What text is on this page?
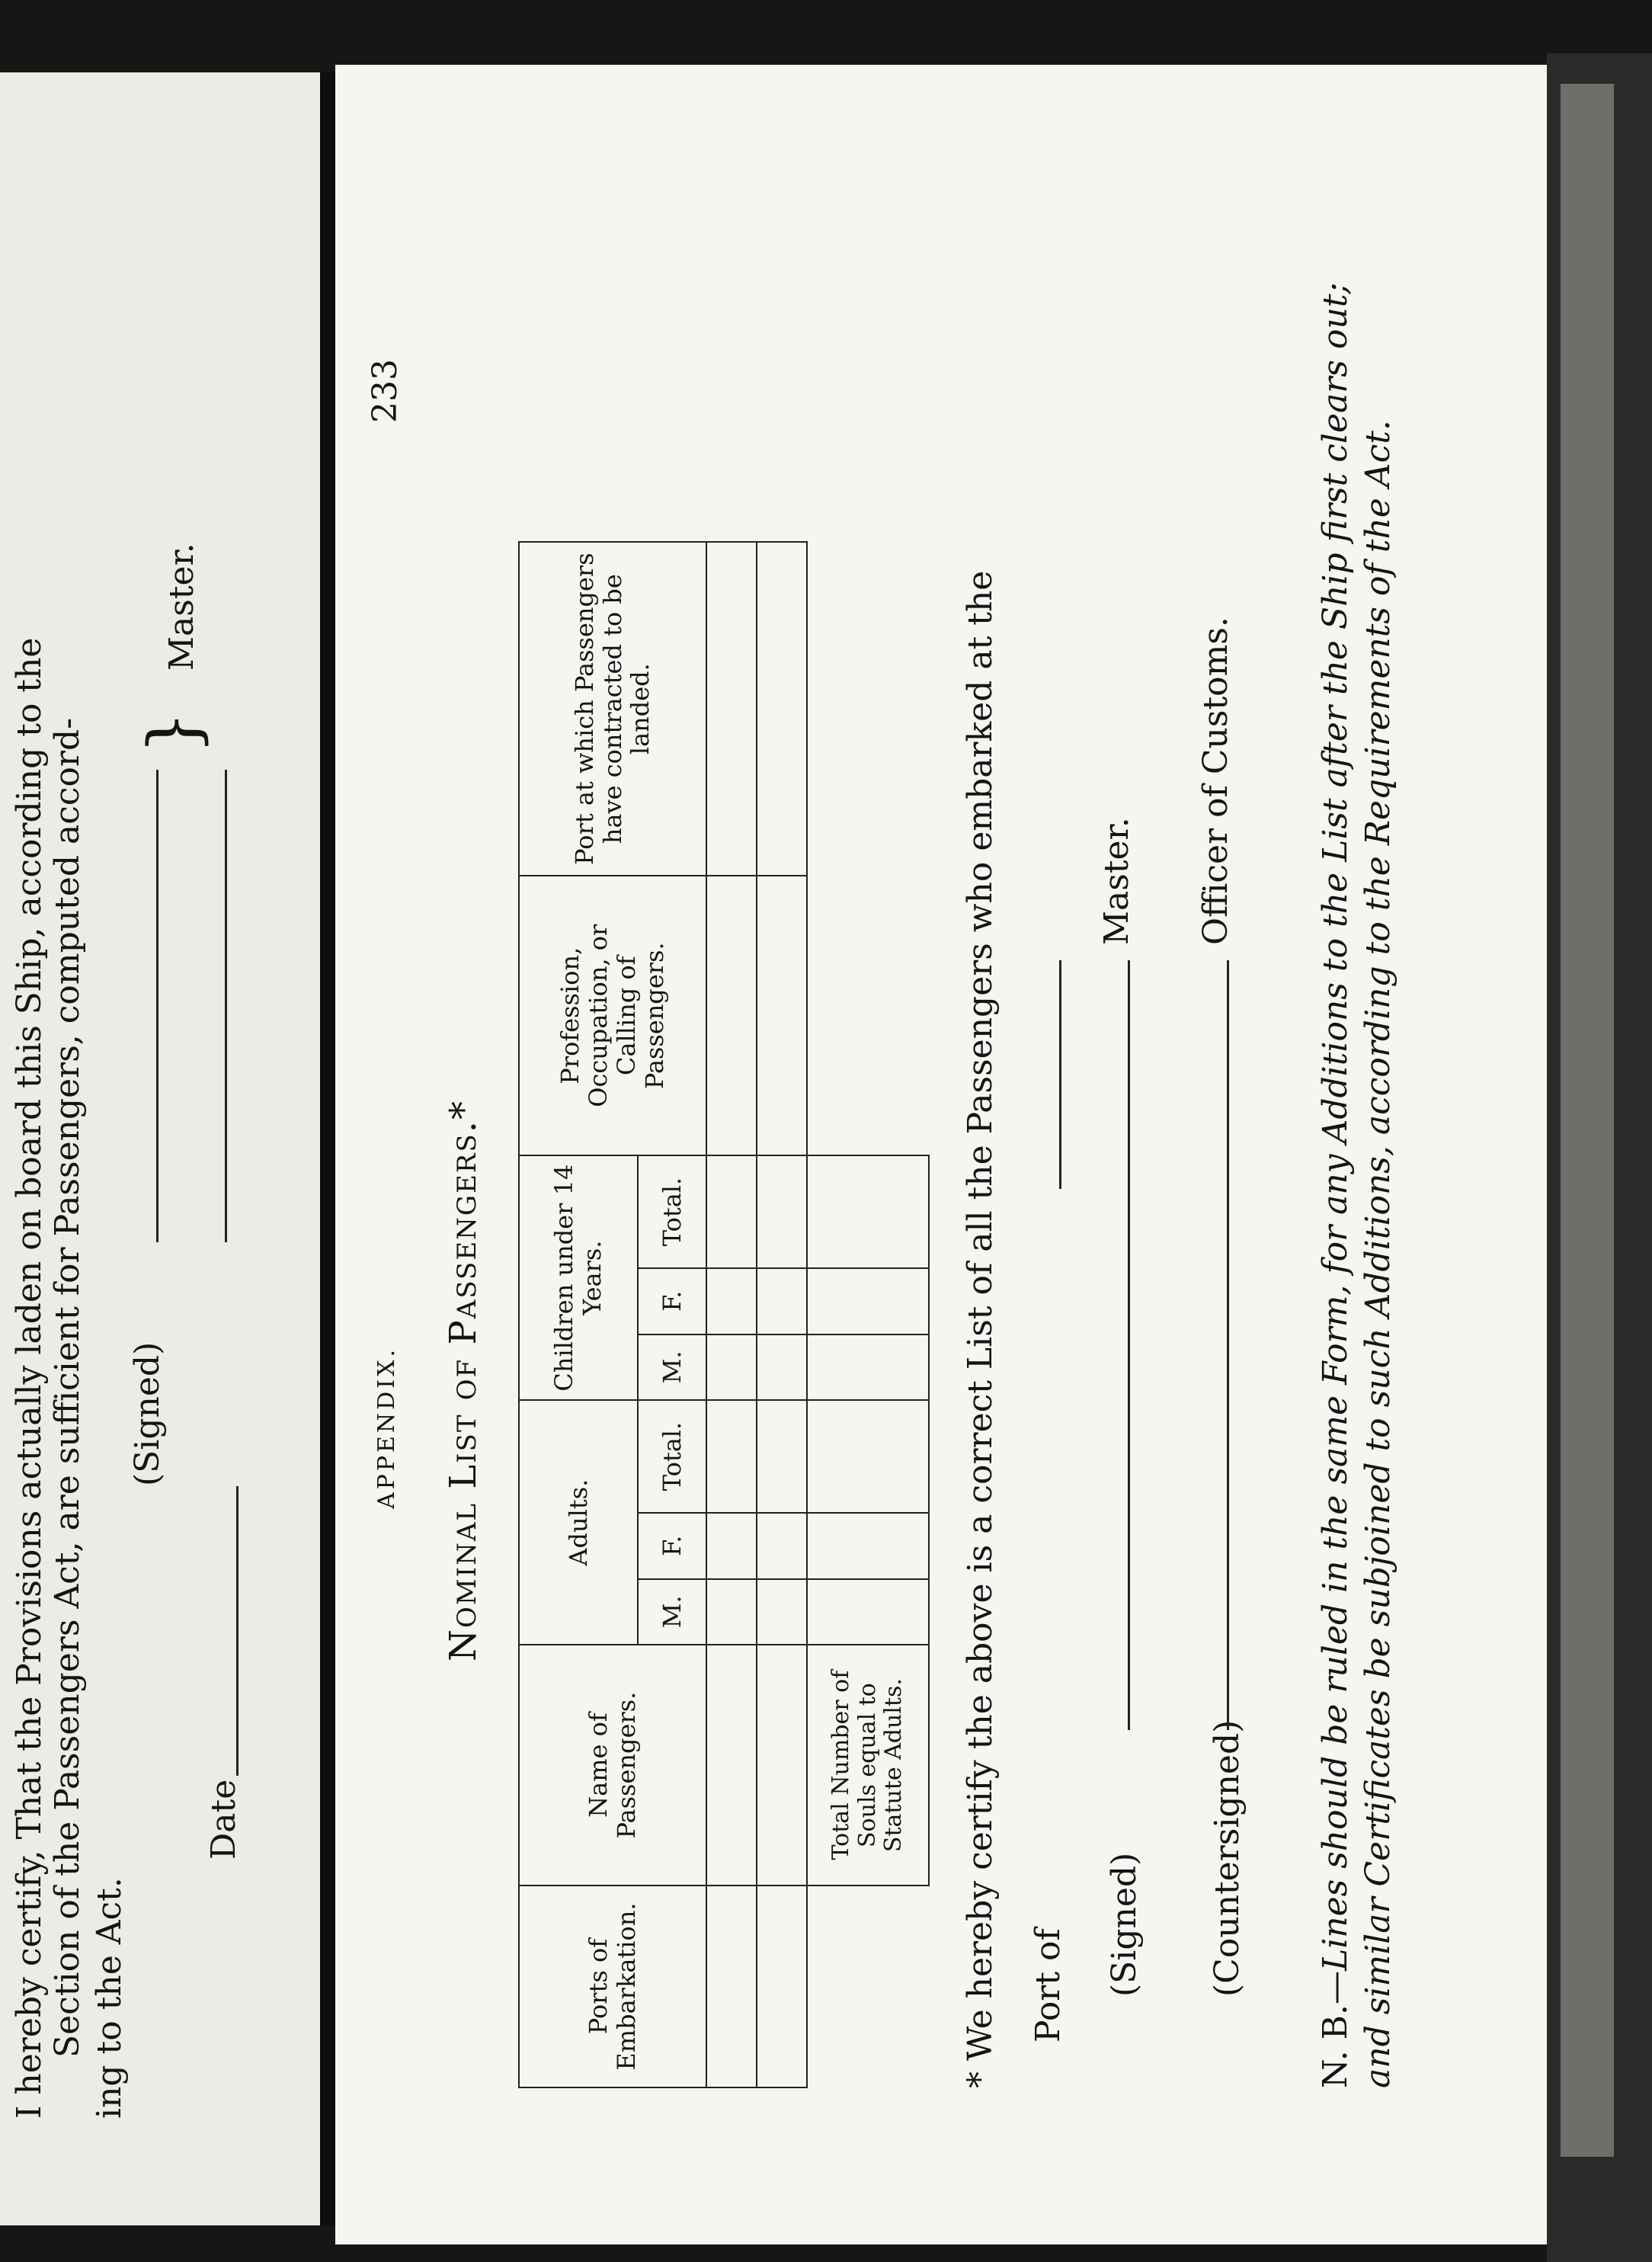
I hereby certify, That the Provisions actually laden on board this Ship, according to the Section of the Passengers Act, are sufficient for Passengers, computed accord- ing to the Act.
(Signed)
}
Master.
Date
APPENDIX.
233
Nominal List of Passengers.*
Ports of Embarkation.	Name of Passengers.	Adults.			Children under 14 Years.			Profession, Occupation, or Calling of Passengers.	Port at which Passengers have contracted to be landed.
		M.	F.	Total.	M.	F.	Total.		

	Total Number of Souls equal to Statute Adults.								* We hereby certify the above is a correct List of all the Passengers who embarked at the Port of (Signed)
Master.
(Countersigned)
Officer of Customs.
N. B.—Lines should be ruled in the same Form, for any Additions to the List after the Ship first clears out; and similar Certificates be subjoined to such Additions, according to the Requirements of the Act.
